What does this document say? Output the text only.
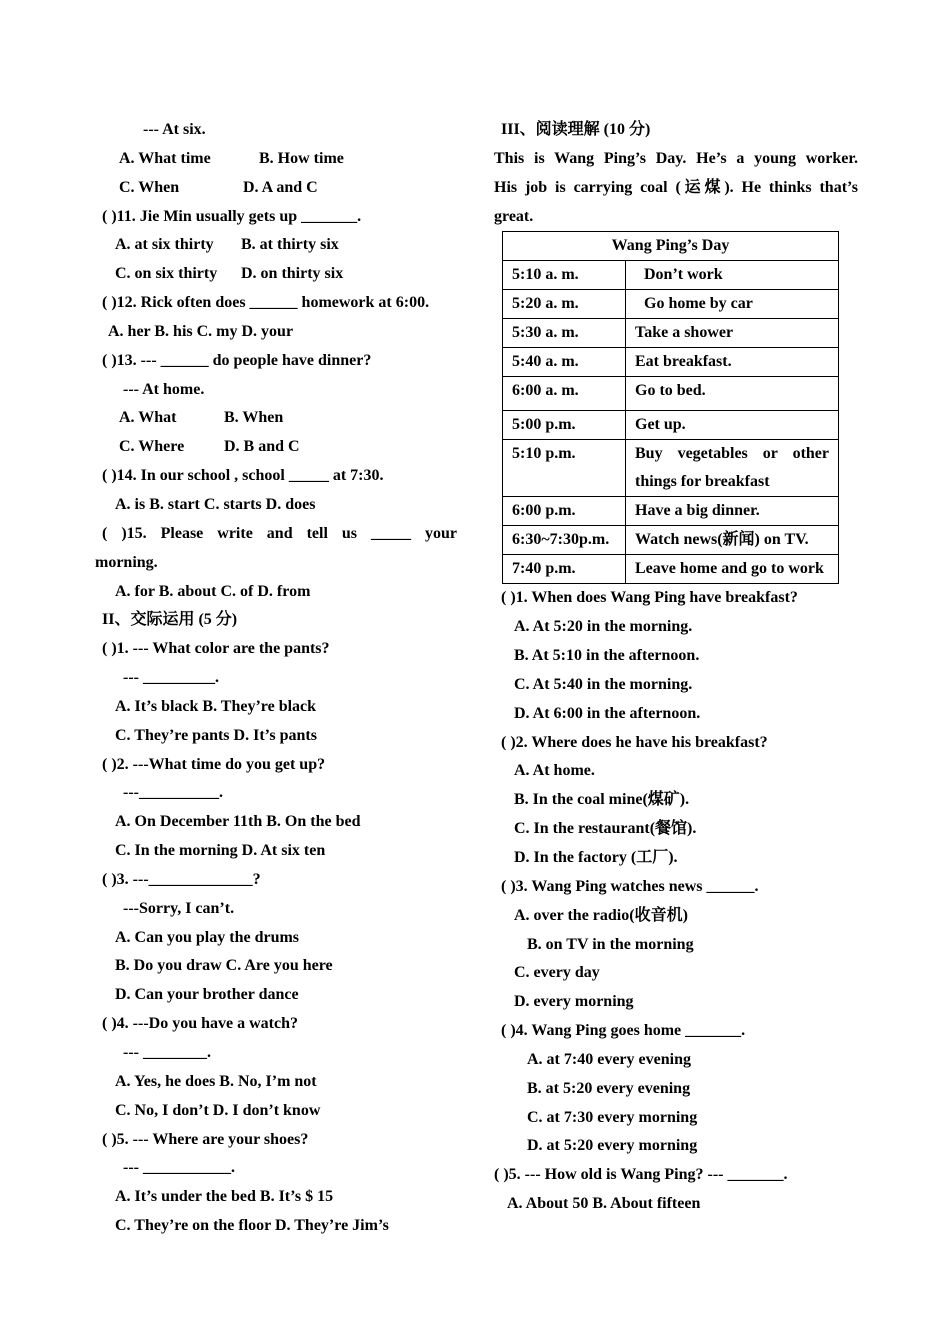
--- At six.
A. What time	B. How time
C. When	D. A and C
( )11. Jie Min usually gets up _______.
A. at six thirty B. at thirty six
C. on six thirty D. on thirty six
( )12. Rick often does ______ homework at 6:00.
A. her B. his C. my D. your
( )13. --- ______ do people have dinner?
--- At home.
A. What	B. When
C. Where D. B and C
( )14. In our school , school _____ at 7:30.
A. is B. start C. starts D. does
( )15. Please write and tell us _____ your
morning.
A. for B. about C. of D. from
II、交际运用 (5 分)
( )1. --- What color are the pants?
--- _________.
A. It’s black B. They’re black
C. They’re pants D. It’s pants
( )2. ---What time do you get up?
---__________.
A. On December 11th B. On the bed
C. In the morning D. At six ten
( )3. ---_____________?
---Sorry, I can’t.
A. Can you play the drums
B. Do you draw C. Are you here
D. Can your brother dance
( )4. ---Do you have a watch?
--- ________.
A. Yes, he does B. No, I’m not
C. No, I don’t D. I don’t know
( )5. --- Where are your shoes?
--- ___________.
A. It’s under the bed B. It’s $ 15
C. They’re on the floor D. They’re Jim’s
III、阅读理解 (10 分)
This is Wang Ping’s Day. He’s a young worker.
His job is carrying coal (运煤). He thinks that’s
great.
Wang Ping’s Day	
5:10 a. m.	Don’t work
5:20 a. m.	Go home by car
5:30 a. m.	Take a shower
5:40 a. m.	Eat breakfast.
6:00 a. m.	Go to bed.
5:00 p.m.	Get up.
5:10 p.m.	Buy vegetables or other things for breakfast
6:00 p.m.	Have a big dinner.
6:30~7:30p.m.	Watch news(新闻) on TV.
7:40 p.m.	Leave home and go to work
( )1. When does Wang Ping have breakfast?
A. At 5:20 in the morning.
B. At 5:10 in the afternoon.
C. At 5:40 in the morning.
D. At 6:00 in the afternoon.
( )2. Where does he have his breakfast?
A. At home.
B. In the coal mine(煤矿).
C. In the restaurant(餐馆).
D. In the factory (工厂).
( )3. Wang Ping watches news ______.
A. over the radio(收音机)
B. on TV in the morning
C. every day
D. every morning
( )4. Wang Ping goes home _______.
A. at 7:40 every evening
B. at 5:20 every evening
C. at 7:30 every morning
D. at 5:20 every morning
( )5. --- How old is Wang Ping? --- _______.
A. About 50 B. About fifteen
